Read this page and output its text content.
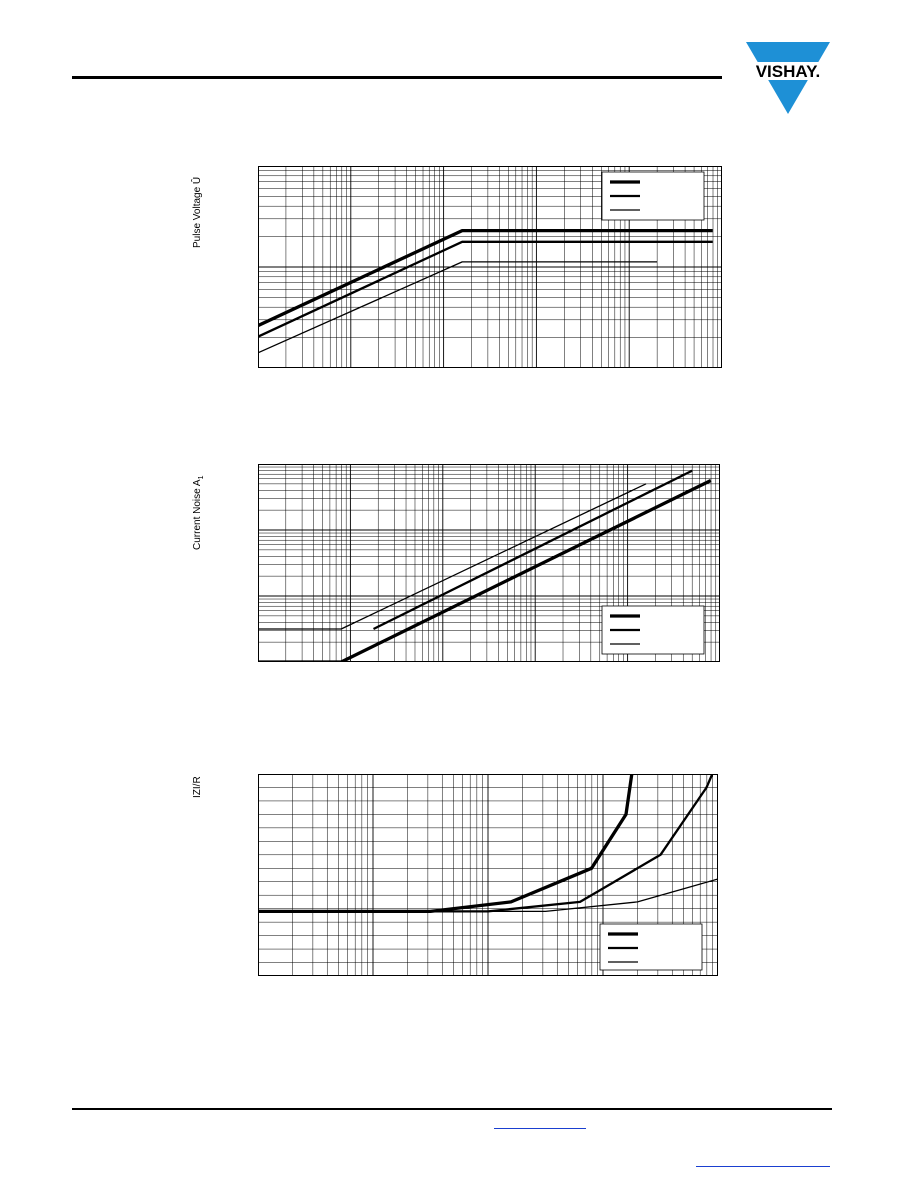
VISHAY.
Pulse Voltage Û
Current Noise $A_1$
IZI/R
